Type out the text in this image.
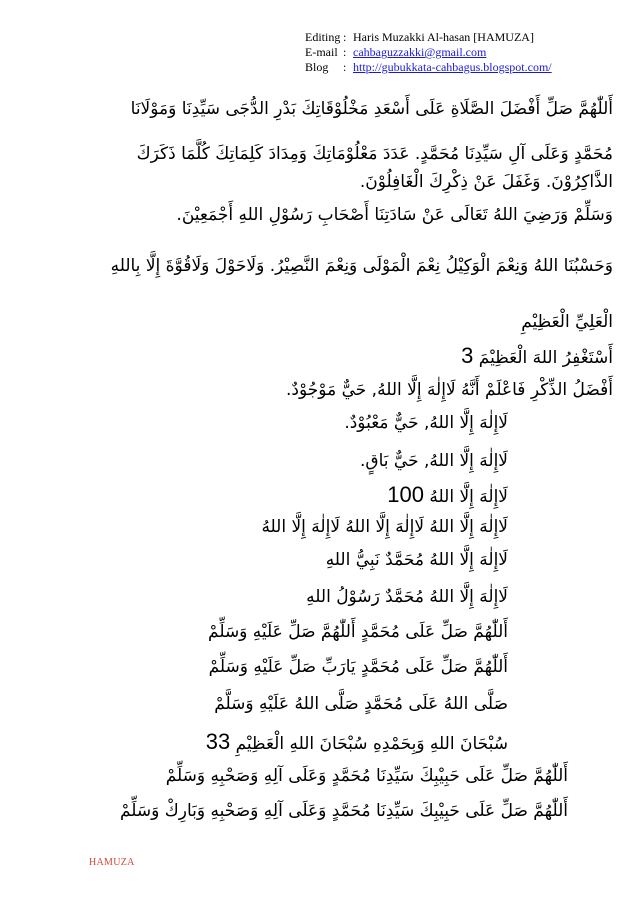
Editing : Haris Muzakki Al-hasan [HAMUZA]
E-mail : cahbaguzzakki@gmail.com
Blog	: http://gubukkata-cahbagus.blogspot.com/
أَللّٰهُمَّ صَلِّ أَفْضَلَ الصَّلَاةِ عَلَى أَسْعَدِ مَخْلُوْقَاتِكَ بَدْرِ الدُّجَى سَيِّدِنَا وَمَوْلَانَا
مُحَمَّدٍ وَعَلَى آلِ سَيِّدِنَا مُحَمَّدٍ. عَدَدَ مَعْلُوْمَاتِكَ وَمِدَادَ كَلِمَاتِكَ كُلَّمَا ذَكَرَكَ
الذَّاكِرُوْنَ. وَغَفَلَ عَنْ ذِكْرِكَ الْغَافِلُوْنَ.
وَسَلِّمْ وَرَضِيَ اللهُ تَعَالَى عَنْ سَادَتِنَا أَصْحَابِ رَسُوْلِ اللهِ أَجْمَعِيْنَ.
وَحَسْبُنَا اللهُ وَنِعْمَ الْوَكِيْلُ نِعْمَ الْمَوْلَى وَنِعْمَ النَّصِيْرُ. وَلَاحَوْلَ وَلَاقُوَّةَ إِلَّا بِاللهِ
الْعَلِيِّ الْعَظِيْمِ
أَسْتَغْفِرُ اللهَ الْعَظِيْمَ 3
أَفْضَلُ الذِّكْرِ فَاعْلَمْ أَنَّهُ لَاإِلٰهَ إِلَّا اللهُ, حَيٌّ مَوْجُوْدٌ.
لَاإِلٰهَ إِلَّا اللهُ, حَيٌّ مَعْبُوْدٌ.
لَاإِلٰهَ إِلَّا اللهُ, حَيٌّ بَاقٍ.
لَاإِلٰهَ إِلَّا اللهُ 100
لَاإِلٰهَ إِلَّا اللهُ لَاإِلٰهَ إِلَّا اللهُ لَاإِلٰهَ إِلَّا اللهُ
لَاإِلٰهَ إِلَّا اللهُ مُحَمَّدٌ نَبِيُّ اللهِ
لَاإِلٰهَ إِلَّا اللهُ مُحَمَّدٌ رَسُوْلُ اللهِ
أَللّٰهُمَّ صَلِّ عَلَى مُحَمَّدٍ أَللّٰهُمَّ صَلِّ عَلَيْهِ وَسَلِّمْ
أَللّٰهُمَّ صَلِّ عَلَى مُحَمَّدٍ يَارَبِّ صَلِّ عَلَيْهِ وَسَلِّمْ
صَلَّى اللهُ عَلَى مُحَمَّدٍ صَلَّى اللهُ عَلَيْهِ وَسَلَّمْ
سُبْحَانَ اللهِ وَبِحَمْدِهِ سُبْحَانَ اللهِ الْعَظِيْمِ 33
أَللّٰهُمَّ صَلِّ عَلَى حَبِيْبِكَ سَيِّدِنَا مُحَمَّدٍ وَعَلَى آلِهِ وَصَحْبِهِ وَسَلِّمْ
أَللّٰهُمَّ صَلِّ عَلَى حَبِيْبِكَ سَيِّدِنَا مُحَمَّدٍ وَعَلَى آلِهِ وَصَحْبِهِ وَبَارِكْ وَسَلِّمْ
HAMUZA
